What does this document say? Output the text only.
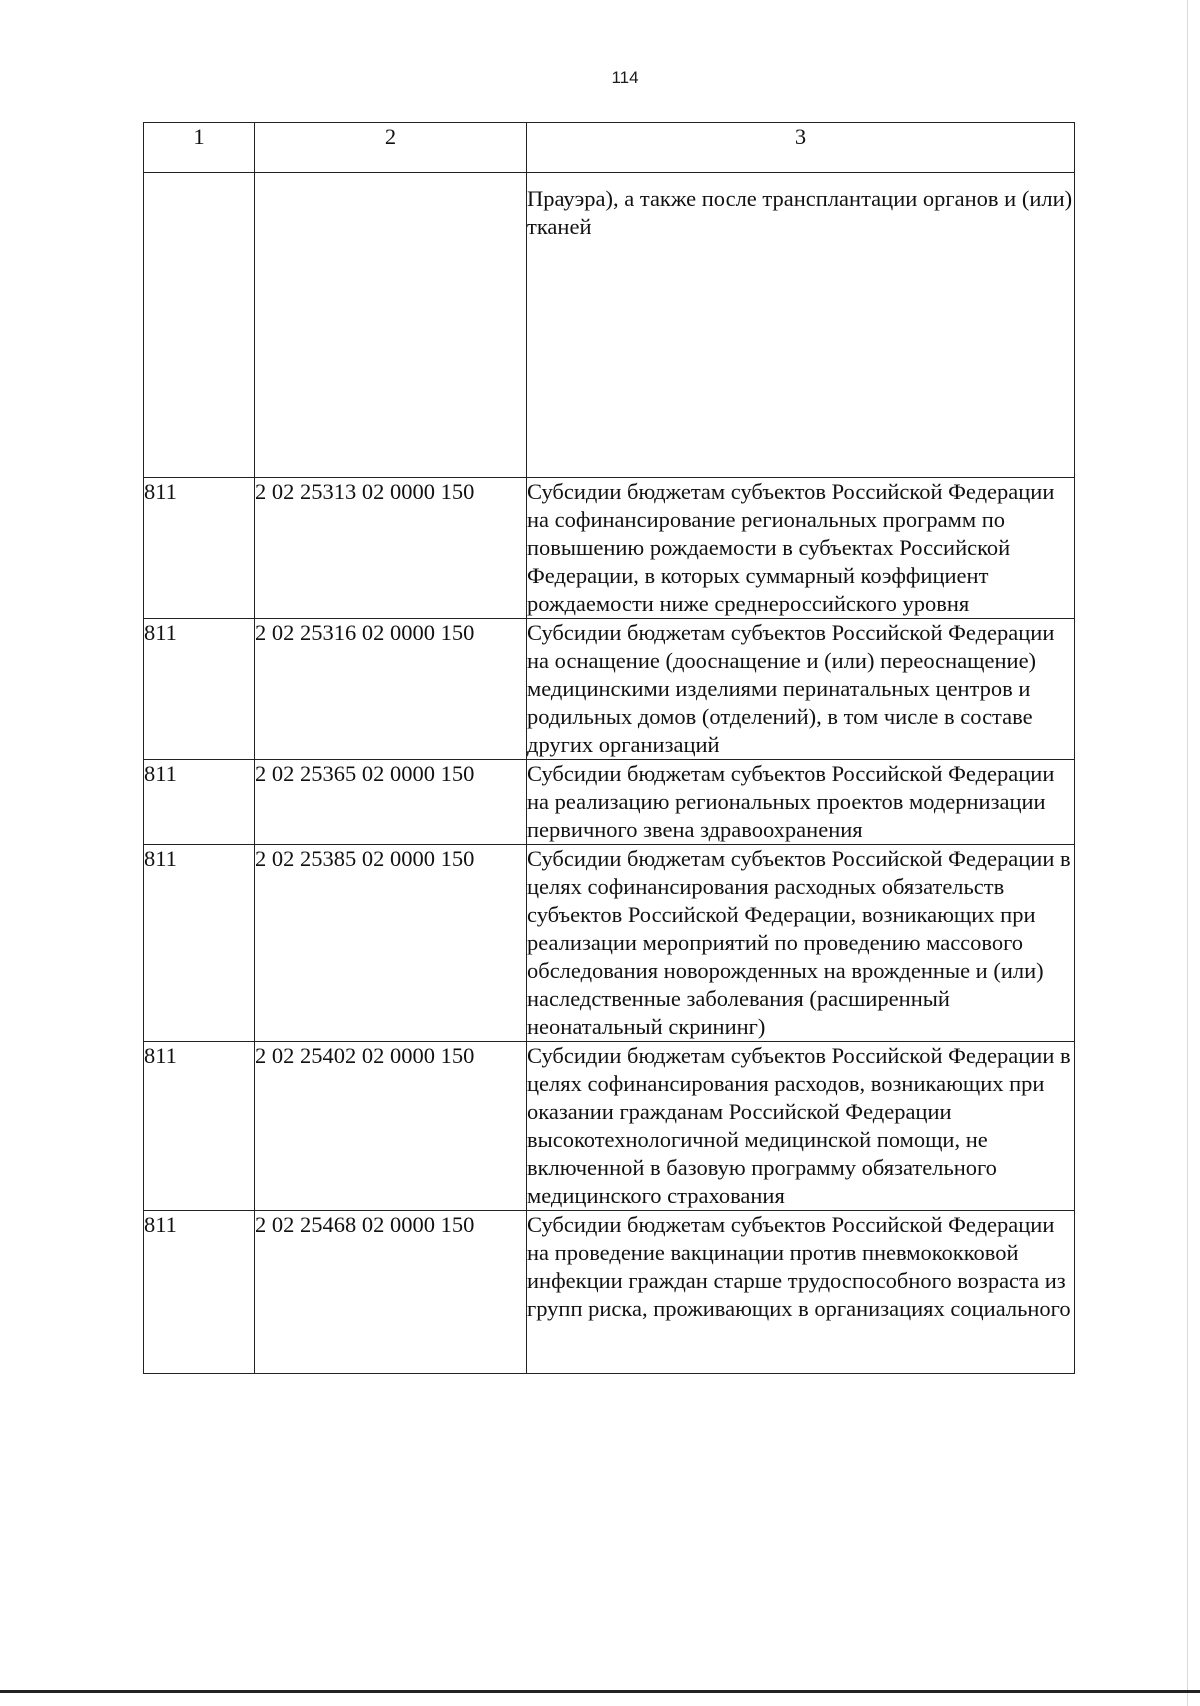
114
1	2	3
		Прауэра), а также после трансплантации органов и (или) тканей
811	2 02 25313 02 0000 150	Субсидии бюджетам субъектов Российской Федерации на софинансирование региональных программ по повышению рождаемости в субъектах Российской Федерации, в которых суммарный коэффициент рождаемости ниже среднероссийского уровня
811	2 02 25316 02 0000 150	Субсидии бюджетам субъектов Российской Федерации на оснащение (дооснащение и (или) переоснащение) медицинскими изделиями перинатальных центров и родильных домов (отделений), в том числе в составе других организаций
811	2 02 25365 02 0000 150	Субсидии бюджетам субъектов Российской Федерации на реализацию региональных проектов модернизации первичного звена здравоохранения
811	2 02 25385 02 0000 150	Субсидии бюджетам субъектов Российской Федерации в целях софинансирования расходных обязательств субъектов Российской Федерации, возникающих при реализации мероприятий по проведению массового обследования новорожденных на врожденные и (или) наследственные заболевания (расширенный неонатальный скрининг)
811	2 02 25402 02 0000 150	Субсидии бюджетам субъектов Российской Федерации в целях софинансирования расходов, возникающих при оказании гражданам Российской Федерации высокотехнологичной медицинской помощи, не включенной в базовую программу обязательного медицинского страхования
811	2 02 25468 02 0000 150	Субсидии бюджетам субъектов Российской Федерации на проведение вакцинации против пневмококковой инфекции граждан старше трудоспособного возраста из групп риска, проживающих в организациях социального
